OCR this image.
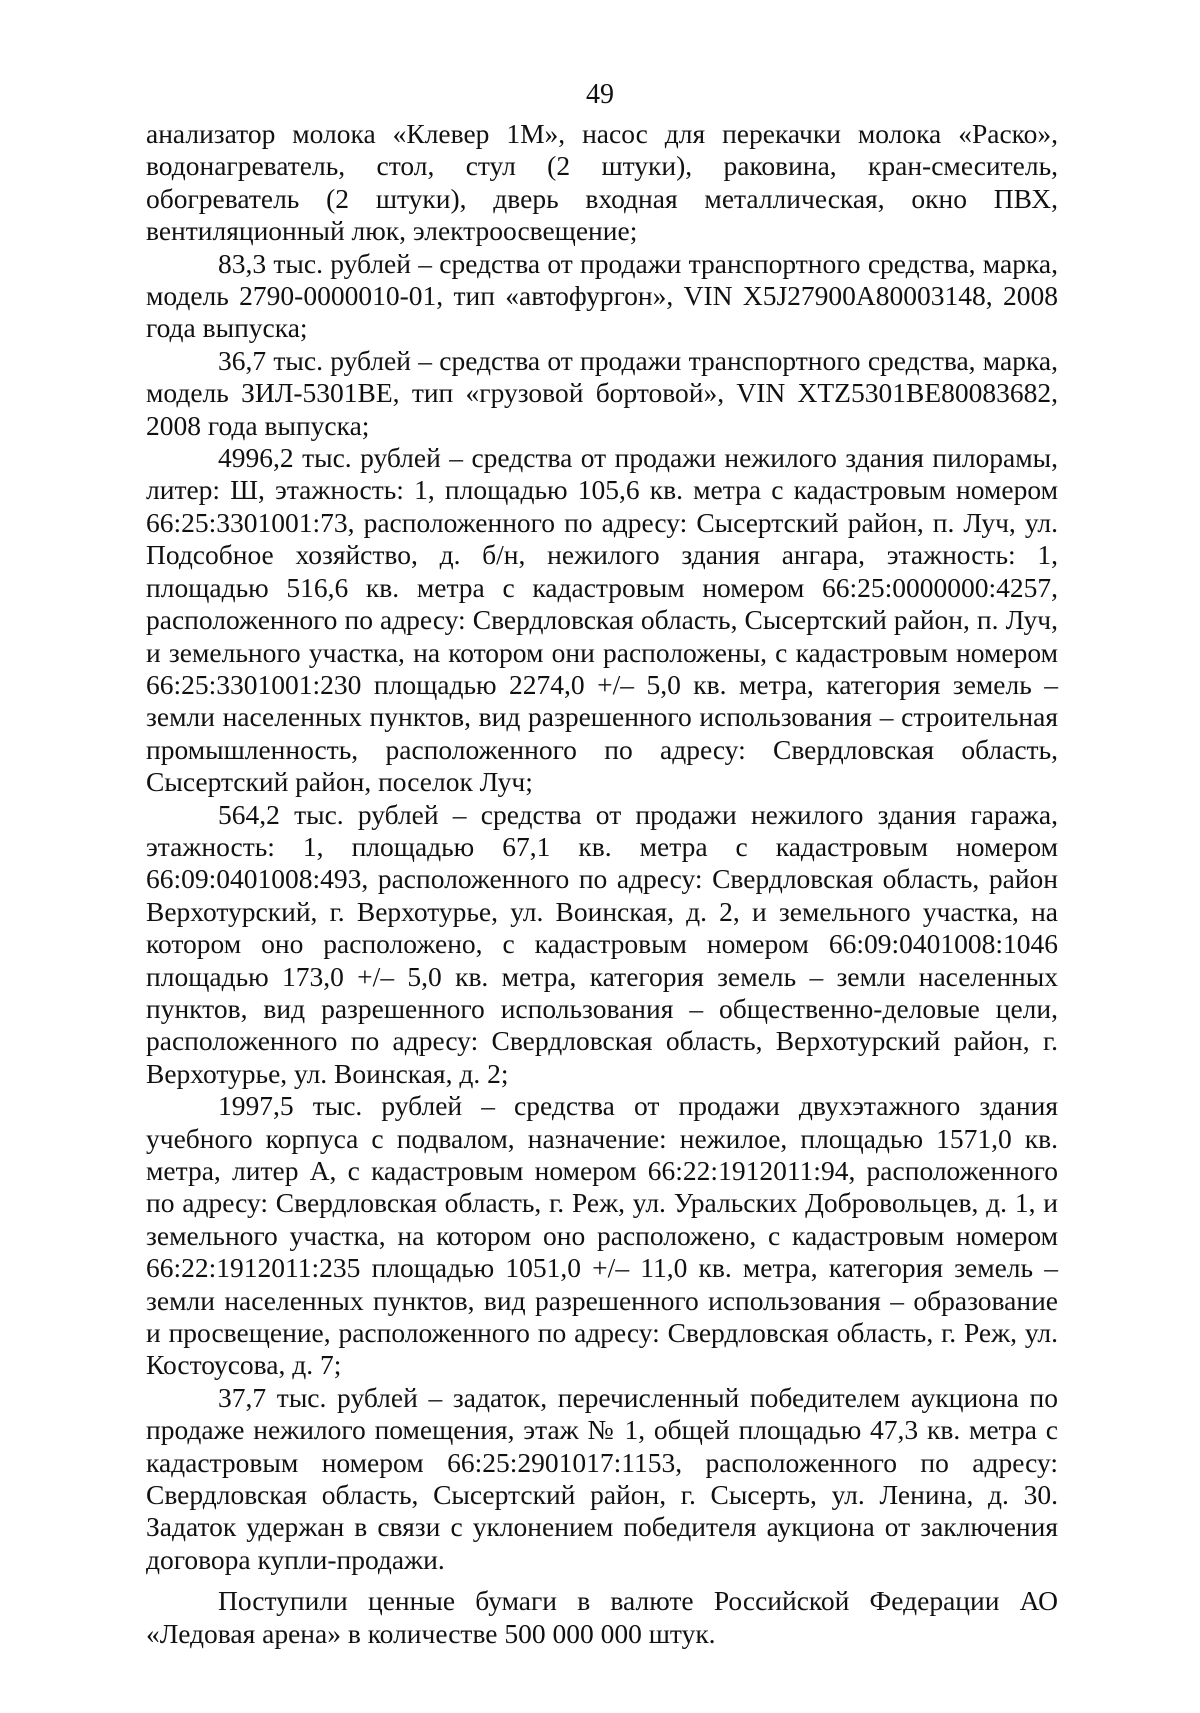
49

анализатор молока «Клевер 1М», насос для перекачки молока «Раско», водонагреватель, стол, стул (2 штуки), раковина, кран-смеситель, обогреватель (2 штуки), дверь входная металлическая, окно ПВХ, вентиляционный люк, электроосвещение;

83,3 тыс. рублей – средства от продажи транспортного средства, марка, модель 2790-0000010-01, тип «автофургон», VIN X5J27900A80003148, 2008 года выпуска;

36,7 тыс. рублей – средства от продажи транспортного средства, марка, модель ЗИЛ-5301ВЕ, тип «грузовой бортовой», VIN XTZ5301BE80083682, 2008 года выпуска;

4996,2 тыс. рублей – средства от продажи нежилого здания пилорамы, литер: Ш, этажность: 1, площадью 105,6 кв. метра с кадастровым номером 66:25:3301001:73, расположенного по адресу: Сысертский район, п. Луч, ул. Подсобное хозяйство, д. б/н, нежилого здания ангара, этажность: 1, площадью 516,6 кв. метра с кадастровым номером 66:25:0000000:4257, расположенного по адресу: Свердловская область, Сысертский район, п. Луч, и земельного участка, на котором они расположены, с кадастровым номером 66:25:3301001:230 площадью 2274,0 +/– 5,0 кв. метра, категория земель – земли населенных пунктов, вид разрешенного использования – строительная промышленность, расположенного по адресу: Свердловская область, Сысертский район, поселок Луч;

564,2 тыс. рублей – средства от продажи нежилого здания гаража, этажность: 1, площадью 67,1 кв. метра с кадастровым номером 66:09:0401008:493, расположенного по адресу: Свердловская область, район Верхотурский, г. Верхотурье, ул. Воинская, д. 2, и земельного участка, на котором оно расположено, с кадастровым номером 66:09:0401008:1046 площадью 173,0 +/– 5,0 кв. метра, категория земель – земли населенных пунктов, вид разрешенного использования – общественно-деловые цели, расположенного по адресу: Свердловская область, Верхотурский район, г. Верхотурье, ул. Воинская, д. 2;

1997,5 тыс. рублей – средства от продажи двухэтажного здания учебного корпуса с подвалом, назначение: нежилое, площадью 1571,0 кв. метра, литер А, с кадастровым номером 66:22:1912011:94, расположенного по адресу: Свердловская область, г. Реж, ул. Уральских Добровольцев, д. 1, и земельного участка, на котором оно расположено, с кадастровым номером 66:22:1912011:235 площадью 1051,0 +/– 11,0 кв. метра, категория земель – земли населенных пунктов, вид разрешенного использования – образование и просвещение, расположенного по адресу: Свердловская область, г. Реж, ул. Костоусова, д. 7;

37,7 тыс. рублей – задаток, перечисленный победителем аукциона по продаже нежилого помещения, этаж № 1, общей площадью 47,3 кв. метра с кадастровым номером 66:25:2901017:1153, расположенного по адресу: Свердловская область, Сысертский район, г. Сысерть, ул. Ленина, д. 30. Задаток удержан в связи с уклонением победителя аукциона от заключения договора купли-продажи.

Поступили ценные бумаги в валюте Российской Федерации АО «Ледовая арена» в количестве 500 000 000 штук.
